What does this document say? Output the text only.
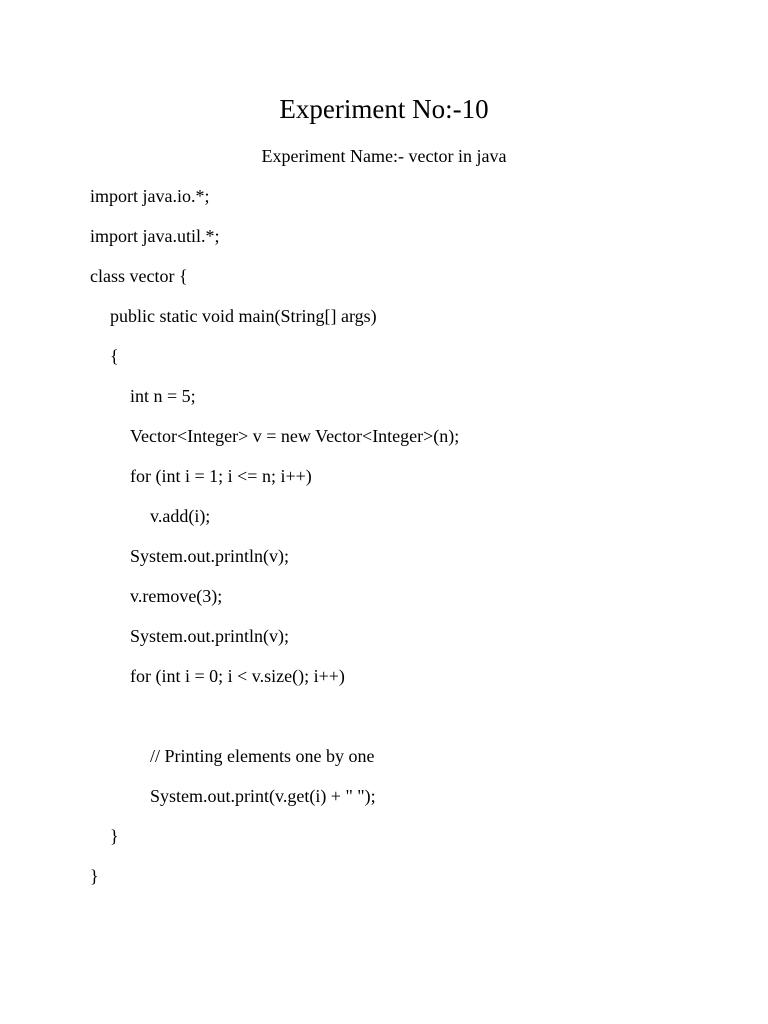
Experiment No:-10
Experiment Name:- vector in java
import java.io.*;
import java.util.*;
class vector {
public static void main(String[] args)
{
int n = 5;
Vector<Integer> v = new Vector<Integer>(n);
for (int i = 1; i <= n; i++)
v.add(i);
System.out.println(v);
v.remove(3);
System.out.println(v);
for (int i = 0; i < v.size(); i++)
// Printing elements one by one
System.out.print(v.get(i) + " ");
}
}
